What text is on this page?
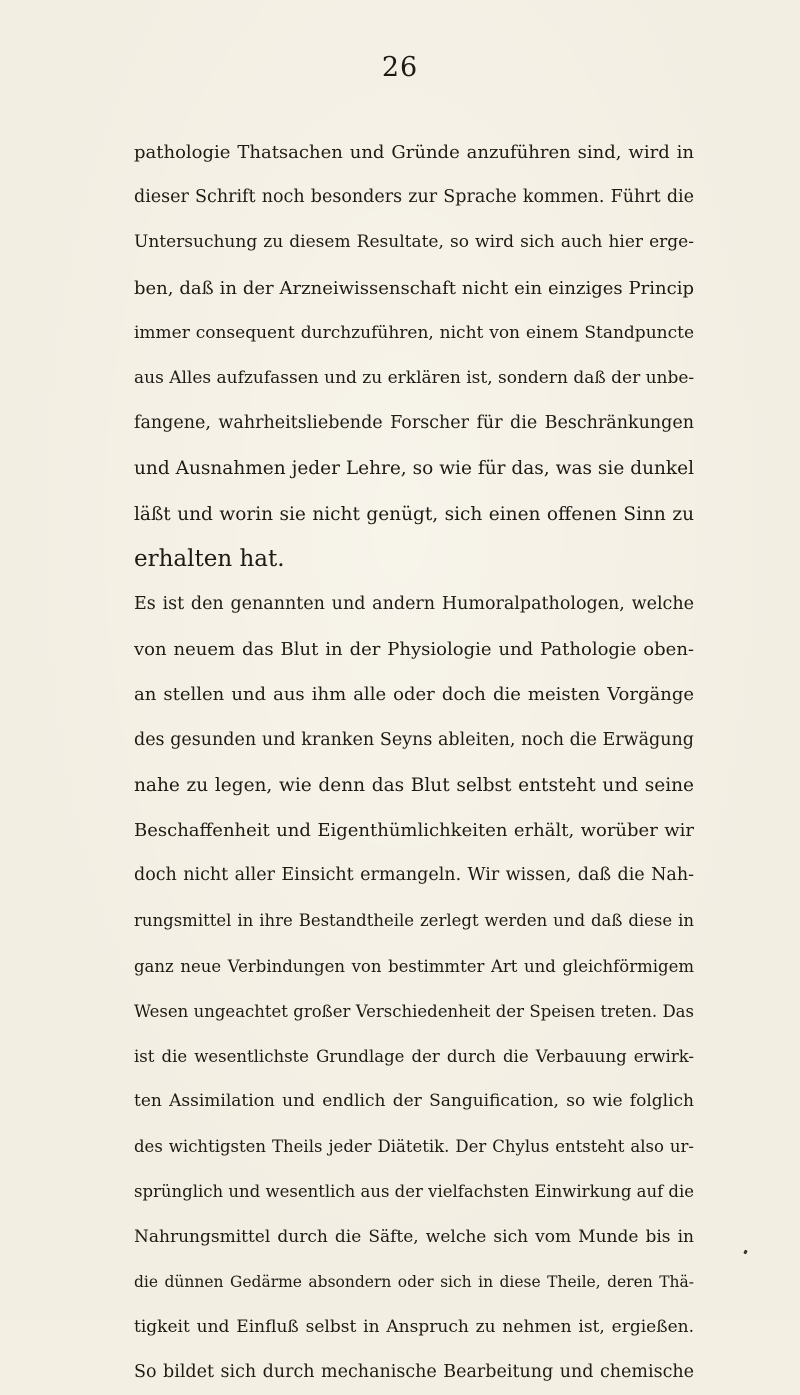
26
pathologie Thatsachen und Gründe anzuführen sind, wird in
dieser Schrift noch besonders zur Sprache kommen. Führt die
Untersuchung zu diesem Resultate, so wird sich auch hier erge-
ben, daß in der Arzneiwissenschaft nicht ein einziges Princip
immer consequent durchzuführen, nicht von einem Standpuncte
aus Alles aufzufassen und zu erklären ist, sondern daß der unbe-
fangene, wahrheitsliebende Forscher für die Beschränkungen
und Ausnahmen jeder Lehre, so wie für das, was sie dunkel
läßt und worin sie nicht genügt, sich einen offenen Sinn zu
erhalten hat.
Es ist den genannten und andern Humoralpathologen, welche
von neuem das Blut in der Physiologie und Pathologie oben-
an stellen und aus ihm alle oder doch die meisten Vorgänge
des gesunden und kranken Seyns ableiten, noch die Erwägung
nahe zu legen, wie denn das Blut selbst entsteht und seine
Beschaffenheit und Eigenthümlichkeiten erhält, worüber wir
doch nicht aller Einsicht ermangeln. Wir wissen, daß die Nah-
rungsmittel in ihre Bestandtheile zerlegt werden und daß diese in
ganz neue Verbindungen von bestimmter Art und gleichförmigem
Wesen ungeachtet großer Verschiedenheit der Speisen treten. Das
ist die wesentlichste Grundlage der durch die Verbauung erwirk-
ten Assimilation und endlich der Sanguification, so wie folglich
des wichtigsten Theils jeder Diätetik. Der Chylus entsteht also ur-
sprünglich und wesentlich aus der vielfachsten Einwirkung auf die
Nahrungsmittel durch die Säfte, welche sich vom Munde bis in
die dünnen Gedärme absondern oder sich in diese Theile, deren Thä-
tigkeit und Einfluß selbst in Anspruch zu nehmen ist, ergießen.
So bildet sich durch mechanische Bearbeitung und chemische
